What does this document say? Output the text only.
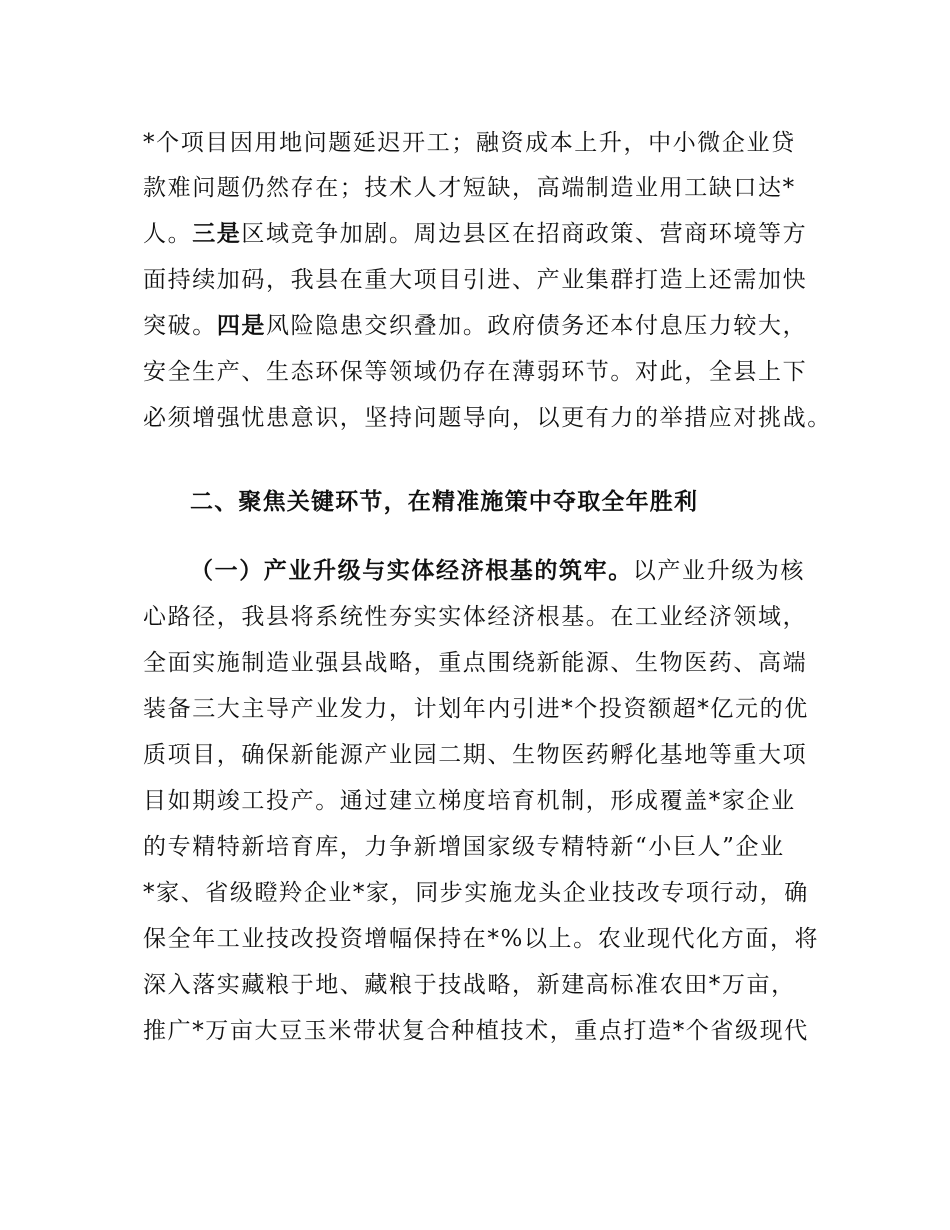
*个项目因用地问题延迟开工；融资成本上升，中小微企业贷
款难问题仍然存在；技术人才短缺，高端制造业用工缺口达*
人。三是区域竞争加剧。周边县区在招商政策、营商环境等方
面持续加码，我县在重大项目引进、产业集群打造上还需加快
突破。四是风险隐患交织叠加。政府债务还本付息压力较大，
安全生产、生态环保等领域仍存在薄弱环节。对此，全县上下
必须增强忧患意识，坚持问题导向，以更有力的举措应对挑战。
二、聚焦关键环节，在精准施策中夺取全年胜利
（一）产业升级与实体经济根基的筑牢。以产业升级为核
心路径，我县将系统性夯实实体经济根基。在工业经济领域，
全面实施制造业强县战略，重点围绕新能源、生物医药、高端
装备三大主导产业发力，计划年内引进*个投资额超*亿元的优
质项目，确保新能源产业园二期、生物医药孵化基地等重大项
目如期竣工投产。通过建立梯度培育机制，形成覆盖*家企业
的专精特新培育库，力争新增国家级专精特新“小巨人”企业
*家、省级瞪羚企业*家，同步实施龙头企业技改专项行动，确
保全年工业技改投资增幅保持在*%以上。农业现代化方面，将
深入落实藏粮于地、藏粮于技战略，新建高标准农田*万亩，
推广*万亩大豆玉米带状复合种植技术，重点打造*个省级现代
